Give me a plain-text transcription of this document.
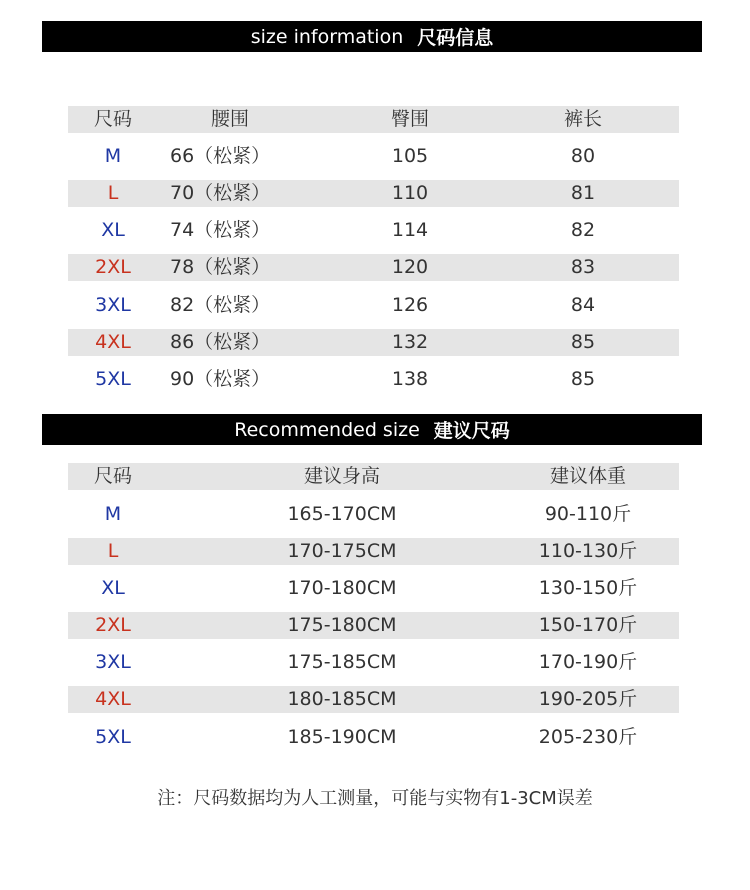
size information 尺码信息
尺码	腰围	臀围	裤长
M	66（松紧）	105	80
L	70（松紧）	110	81
XL	74（松紧）	114	82
2XL	78（松紧）	120	83
3XL	82（松紧）	126	84
4XL	86（松紧）	132	85
5XL	90（松紧）	138	85
Recommended size 建议尺码
尺码	建议身高	建议体重
M	165-170CM	90-110斤
L	170-175CM	110-130斤
XL	170-180CM	130-150斤
2XL	175-180CM	150-170斤
3XL	175-185CM	170-190斤
4XL	180-185CM	190-205斤
5XL	185-190CM	205-230斤
注：尺码数据均为人工测量，可能与实物有1-3CM误差
